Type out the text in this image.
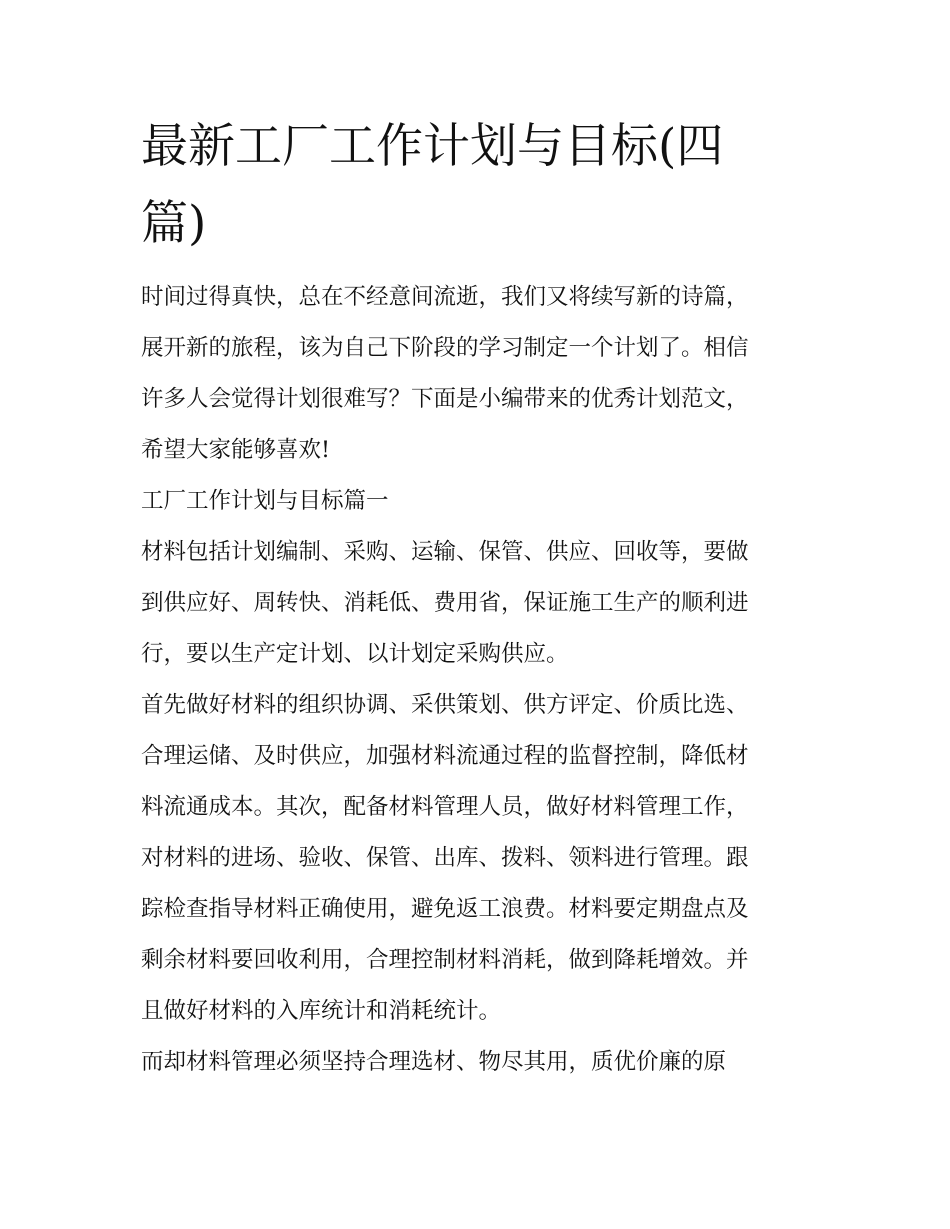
最新工厂工作计划与目标(四篇)
时间过得真快，总在不经意间流逝，我们又将续写新的诗篇，
展开新的旅程，该为自己下阶段的学习制定一个计划了。相信
许多人会觉得计划很难写？下面是小编带来的优秀计划范文，
希望大家能够喜欢!
工厂工作计划与目标篇一
材料包括计划编制、采购、运输、保管、供应、回收等，要做
到供应好、周转快、消耗低、费用省，保证施工生产的顺利进
行，要以生产定计划、以计划定采购供应。
首先做好材料的组织协调、采供策划、供方评定、价质比选、
合理运储、及时供应，加强材料流通过程的监督控制，降低材
料流通成本。其次，配备材料管理人员，做好材料管理工作，
对材料的进场、验收、保管、出库、拨料、领料进行管理。跟
踪检查指导材料正确使用，避免返工浪费。材料要定期盘点及
剩余材料要回收利用，合理控制材料消耗，做到降耗增效。并
且做好材料的入库统计和消耗统计。
而却材料管理必须坚持合理选材、物尽其用，质优价廉的原
